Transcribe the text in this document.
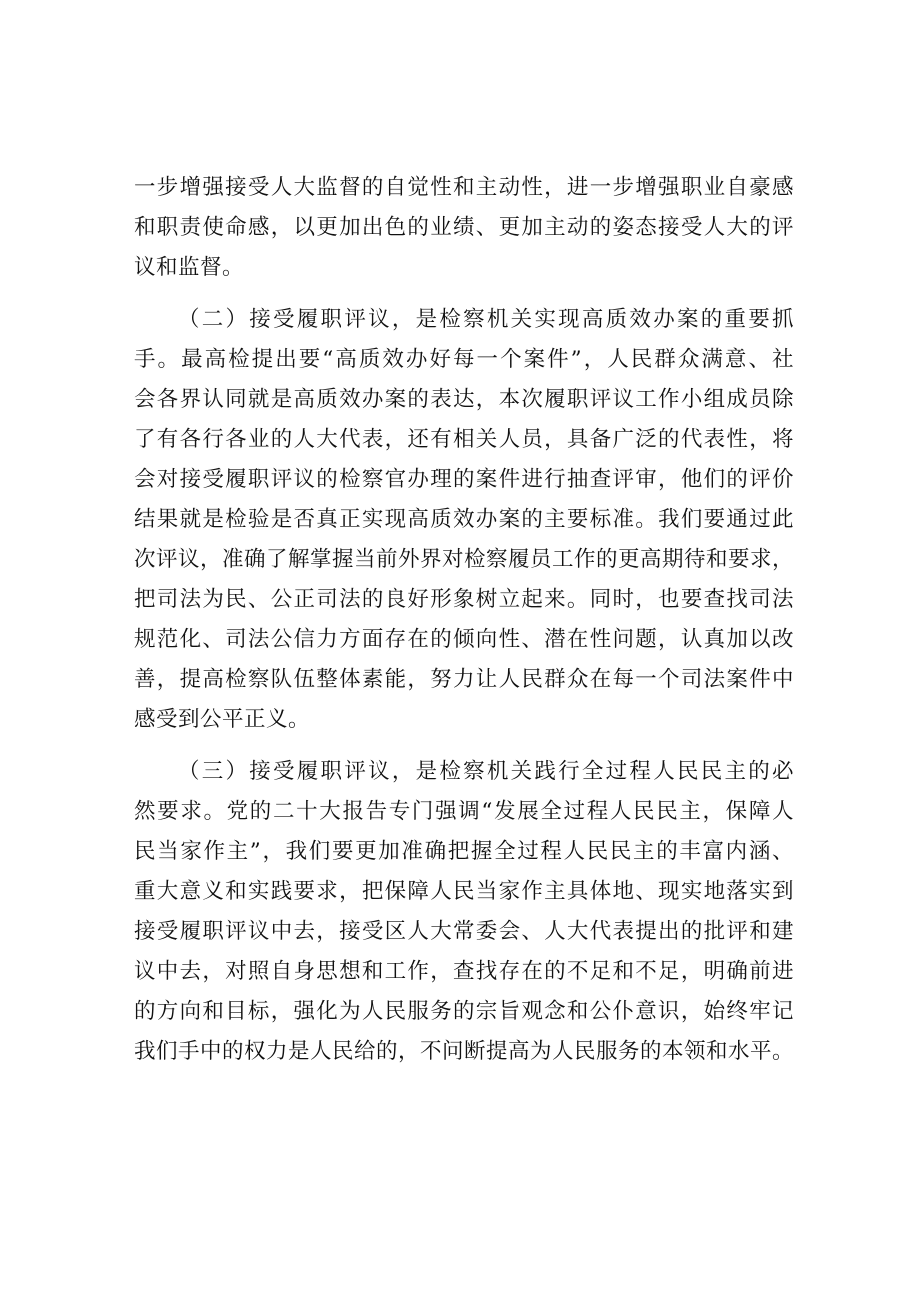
一步增强接受人大监督的自觉性和主动性，进一步增强职业自豪感
和职责使命感，以更加出色的业绩、更加主动的姿态接受人大的评
议和监督。
（二）接受履职评议，是检察机关实现高质效办案的重要抓
手。最高检提出要“高质效办好每一个案件”，人民群众满意、社
会各界认同就是高质效办案的表达，本次履职评议工作小组成员除
了有各行各业的人大代表，还有相关人员，具备广泛的代表性，将
会对接受履职评议的检察官办理的案件进行抽查评审，他们的评价
结果就是检验是否真正实现高质效办案的主要标准。我们要通过此
次评议，准确了解掌握当前外界对检察履员工作的更高期待和要求，
把司法为民、公正司法的良好形象树立起来。同时，也要查找司法
规范化、司法公信力方面存在的倾向性、潜在性问题，认真加以改
善，提高检察队伍整体素能，努力让人民群众在每一个司法案件中
感受到公平正义。
（三）接受履职评议，是检察机关践行全过程人民民主的必
然要求。党的二十大报告专门强调“发展全过程人民民主，保障人
民当家作主”，我们要更加准确把握全过程人民民主的丰富内涵、
重大意义和实践要求，把保障人民当家作主具体地、现实地落实到
接受履职评议中去，接受区人大常委会、人大代表提出的批评和建
议中去，对照自身思想和工作，查找存在的不足和不足，明确前进
的方向和目标，强化为人民服务的宗旨观念和公仆意识，始终牢记
我们手中的权力是人民给的，不问断提高为人民服务的本领和水平。
